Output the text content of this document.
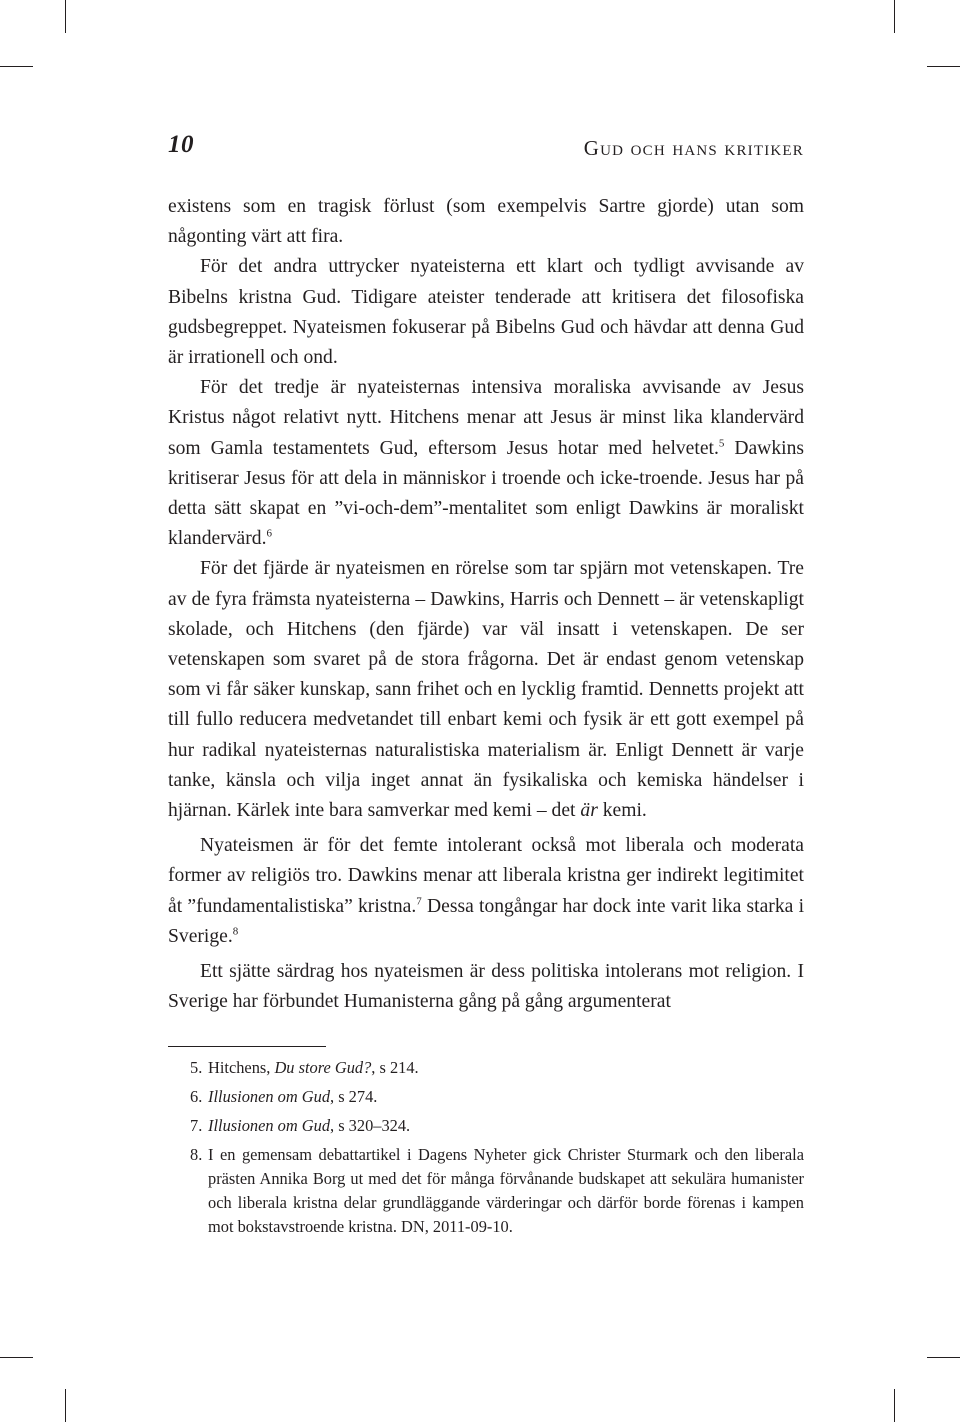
10	Gud och hans kritiker

existens som en tragisk förlust (som exempelvis Sartre gjorde) utan som någonting värt att fira.

För det andra uttrycker nyateisterna ett klart och tydligt avvisande av Bibelns kristna Gud. Tidigare ateister tenderade att kritisera det filosofiska gudsbegreppet. Nyateismen fokuserar på Bibelns Gud och hävdar att denna Gud är irrationell och ond.

För det tredje är nyateisternas intensiva moraliska avvisande av Jesus Kristus något relativt nytt. Hitchens menar att Jesus är minst lika klandervärd som Gamla testamentets Gud, eftersom Jesus hotar med helvetet.$^5$ Dawkins kritiserar Jesus för att dela in människor i troende och icke-troende. Jesus har på detta sätt skapat en ”vi-och-dem”-mentalitet som enligt Dawkins är moraliskt klandervärd.$^6$

För det fjärde är nyateismen en rörelse som tar spjärn mot vetenskapen. Tre av de fyra främsta nyateisterna – Dawkins, Harris och Dennett – är vetenskapligt skolade, och Hitchens (den fjärde) var väl insatt i vetenskapen. De ser vetenskapen som svaret på de stora frågorna. Det är endast genom vetenskap som vi får säker kunskap, sann frihet och en lycklig framtid. Dennetts projekt att till fullo reducera medvetandet till enbart kemi och fysik är ett gott exempel på hur radikal nyateisternas naturalistiska materialism är. Enligt Dennett är varje tanke, känsla och vilja inget annat än fysikaliska och kemiska händelser i hjärnan. Kärlek inte bara samverkar med kemi – det är kemi.

Nyateismen är för det femte intolerant också mot liberala och moderata former av religiös tro. Dawkins menar att liberala kristna ger indirekt legitimitet åt ”fundamentalistiska” kristna.$^7$ Dessa tongångar har dock inte varit lika starka i Sverige.$^8$

Ett sjätte särdrag hos nyateismen är dess politiska intolerans mot religion. I Sverige har förbundet Humanisterna gång på gång argumenterat

5. Hitchens, Du store Gud?, s 214.
6. Illusionen om Gud, s 274.
7. Illusionen om Gud, s 320–324.
8. I en gemensam debattartikel i Dagens Nyheter gick Christer Sturmark och den liberala prästen Annika Borg ut med det för många förvånande budskapet att sekulära humanister och liberala kristna delar grundläggande värderingar och därför borde förenas i kampen mot bokstavstroende kristna. DN, 2011-09-10.
